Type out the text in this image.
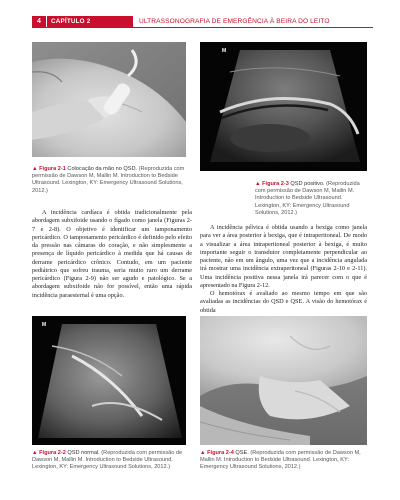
4	CAPÍTULO 2	ULTRASSONOGRAFIA DE EMERGÊNCIA À BEIRA DO LEITO
▲ Figura 2-1 Colocação da mão no QSD. (Reproduzida com permissão de Dawson M, Mallin M. Introduction to Bedside Ultrasound. Lexington, KY: Emergency Ultrasound Solutions, 2012.)
M
▲ Figura 2-3 QSD positivo. (Reproduzida com permissão de Dawson M, Mallin M. Introduction to Bedside Ultrasound. Lexington, KY: Emergency Ultrasound Solutions, 2012.)

A incidência cardíaca é obtida tradicionalmente pela abordagem subxifoide usando o fígado como janela (Figuras 2-7 e 2-8). O objetivo é identificar um tamponamento pericárdico. O tamponamento pericárdico é definido pelo efeito da pressão nas câmaras do coração, e não simplesmente a presença de líquido pericárdico à medida que há causas de derrame pericárdico crônico. Contudo, em um paciente pediátrico que sofreu trauma, seria muito raro um derrame pericárdico (Figura 2-9) não ser agudo e patológico. Se a abordagem subxifoide não for possível, então uma rápida incidência paraesternal é uma opção.

A incidência pélvica é obtida usando a bexiga como janela para ver a área posterior à bexiga, que é intraperitoneal. De modo a visualizar a área intraperitoneal posterior à bexiga, é muito importante seguir o transdutor completamente perpendicular ao paciente, não em um ângulo, uma vez que a incidência angulada irá mostrar uma incidência extraperitoneal (Figuras 2-10 e 2-11). Uma incidência positiva nessa janela irá parecer com o que é apresentado na Figura 2-12.

O hemotórax é avaliado ao mesmo tempo em que são avaliadas as incidências do QSD e QSE. A visão do hemotórax é obtida

M
▲ Figura 2-2 QSD normal. (Reproduzida com permissão de Dawson M, Mallin M. Introduction to Bedside Ultrasound. Lexington, KY: Emergency Ultrasound Solutions, 2012.)
▲ Figura 2-4 QSE. (Reproduzida com permissão de Dawson M, Mallin M. Introduction to Bedside Ultrasound. Lexington, KY: Emergency Ultrasound Solutions, 2012.)
